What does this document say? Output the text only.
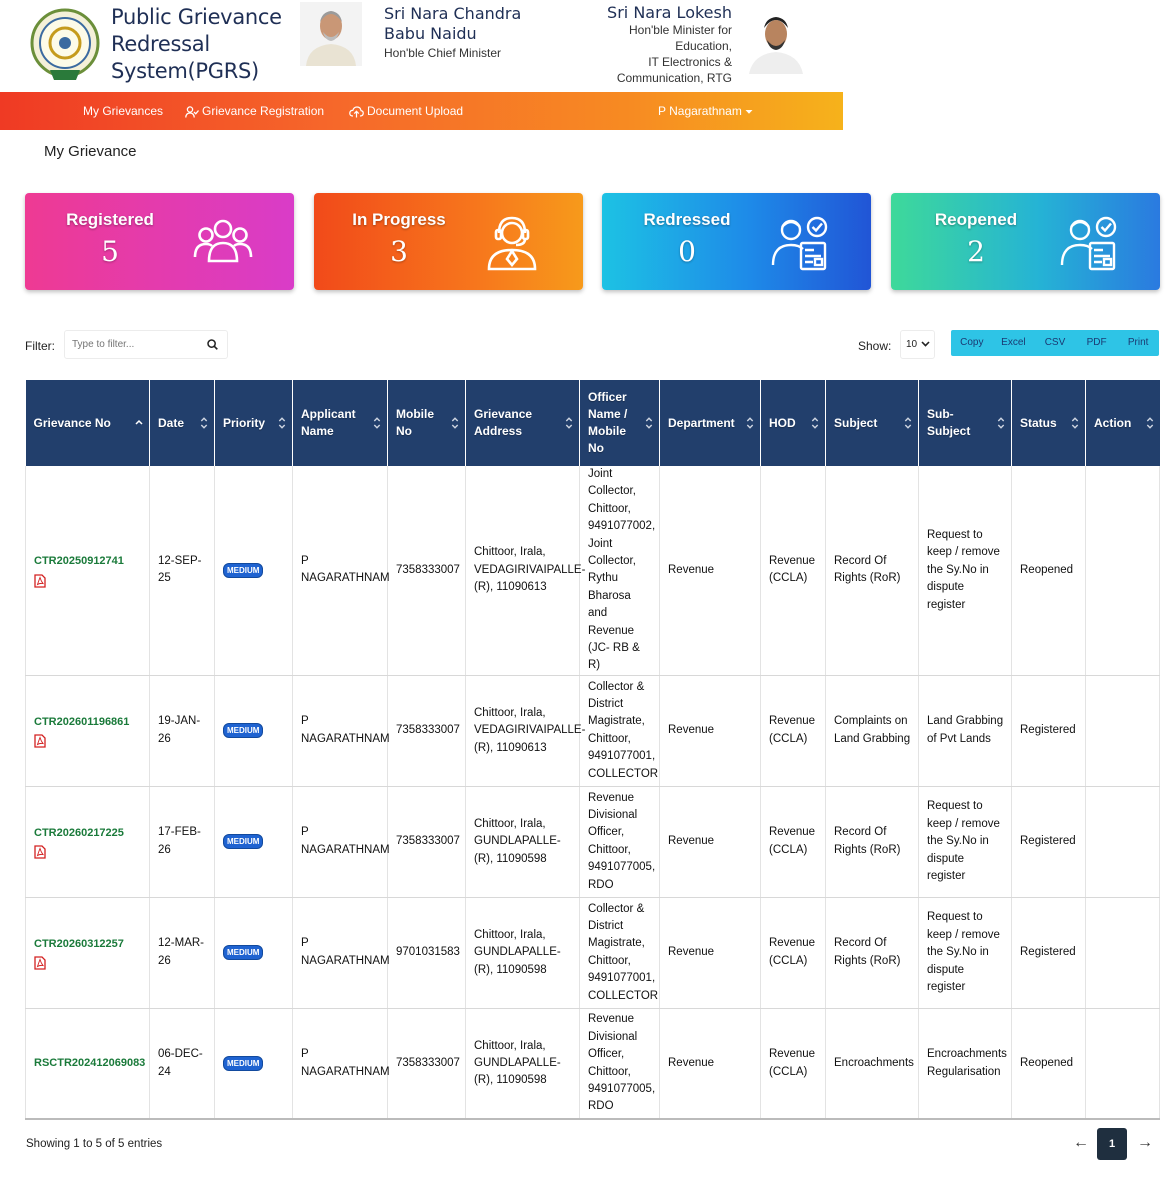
Public Grievance
Redressal
System(PGRS)
Sri Nara Chandra
Babu Naidu
Hon'ble Chief Minister
Sri Nara Lokesh
Hon'ble Minister for
Education,
IT Electronics &
Communication, RTG
My Grievances	Grievance Registration	Document Upload	P Nagarathnam
My Grievance
Registered
5
In Progress
3
Redressed
0
Reopened
2
Filter:
Type to filter...	Show:	10	Copy	Excel	CSV	PDF	Print
Grievance No	Date	Priority	Applicant Name	Mobile No	Grievance Address	Officer Name / Mobile No	Department	HOD	Subject	Sub-Subject	Status	Action

CTR20250912741	12-SEP-25	MEDIUM	P NAGARATHNAM	7358333007	Chittoor, Irala, VEDAGIRIVAIPALLE-(R), 11090613	Joint Collector, Chittoor, 9491077002, Joint Collector, Rythu Bharosa and Revenue (JC- RB & R)	Revenue	Revenue (CCLA)	Record Of Rights (RoR)	Request to keep / remove the Sy.No in dispute register	Reopened	

CTR202601196861	19-JAN-26	MEDIUM	P NAGARATHNAM	7358333007	Chittoor, Irala, VEDAGIRIVAIPALLE-(R), 11090613	Collector & District Magistrate, Chittoor, 9491077001, COLLECTOR	Revenue	Revenue (CCLA)	Complaints on Land Grabbing	Land Grabbing of Pvt Lands	Registered	

CTR20260217225	17-FEB-26	MEDIUM	P NAGARATHNAM	7358333007	Chittoor, Irala, GUNDLAPALLE-(R), 11090598	Revenue Divisional Officer, Chittoor, 9491077005, RDO	Revenue	Revenue (CCLA)	Record Of Rights (RoR)	Request to keep / remove the Sy.No in dispute register	Registered	

CTR20260312257	12-MAR-26	MEDIUM	P NAGARATHNAM	9701031583	Chittoor, Irala, GUNDLAPALLE-(R), 11090598	Collector & District Magistrate, Chittoor, 9491077001, COLLECTOR	Revenue	Revenue (CCLA)	Record Of Rights (RoR)	Request to keep / remove the Sy.No in dispute register	Registered	

RSCTR202412069083	06-DEC-24	MEDIUM	P NAGARATHNAM	7358333007	Chittoor, Irala, GUNDLAPALLE-(R), 11090598	Revenue Divisional Officer, Chittoor, 9491077005, RDO	Revenue	Revenue (CCLA)	Encroachments	Encroachments Regularisation	Reopened	
Showing 1 to 5 of 5 entries	←	1	→
